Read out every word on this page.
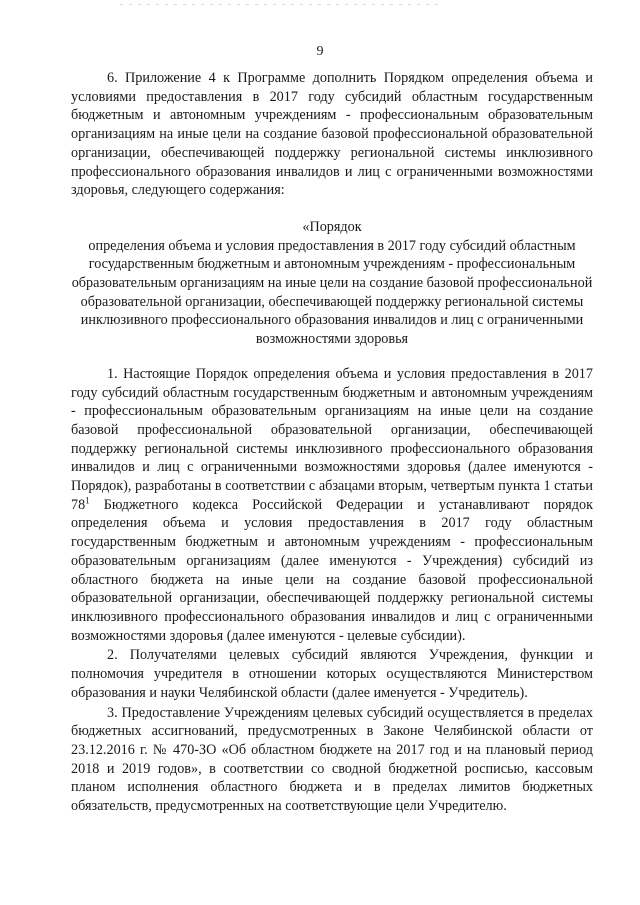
9

6. Приложение 4 к Программе дополнить Порядком определения объема и условиями предоставления в 2017 году субсидий областным государственным бюджетным и автономным учреждениям - профессиональным образовательным организациям на иные цели на создание базовой профессиональной образовательной организации, обеспечивающей поддержку региональной системы инклюзивного профессионального образования инвалидов и лиц с ограниченными возможностями здоровья, следующего содержания:

«Порядок
определения объема и условия предоставления в 2017 году субсидий областным государственным бюджетным и автономным учреждениям - профессиональным образовательным организациям на иные цели на создание базовой профессиональной образовательной организации, обеспечивающей поддержку региональной системы инклюзивного профессионального образования инвалидов и лиц с ограниченными возможностями здоровья

1. Настоящие Порядок определения объема и условия предоставления в 2017 году субсидий областным государственным бюджетным и автономным учреждениям - профессиональным образовательным организациям на иные цели на создание базовой профессиональной образовательной организации, обеспечивающей поддержку региональной системы инклюзивного профессионального образования инвалидов и лиц с ограниченными возможностями здоровья (далее именуются - Порядок), разработаны в соответствии с абзацами вторым, четвертым пункта 1 статьи $78^1$ Бюджетного кодекса Российской Федерации и устанавливают порядок определения объема и условия предоставления в 2017 году областным государственным бюджетным и автономным учреждениям - профессиональным образовательным организациям (далее именуются - Учреждения) субсидий из областного бюджета на иные цели на создание базовой профессиональной образовательной организации, обеспечивающей поддержку региональной системы инклюзивного профессионального образования инвалидов и лиц с ограниченными возможностями здоровья (далее именуются - целевые субсидии).

2. Получателями целевых субсидий являются Учреждения, функции и полномочия учредителя в отношении которых осуществляются Министерством образования и науки Челябинской области (далее именуется - Учредитель).

3. Предоставление Учреждениям целевых субсидий осуществляется в пределах бюджетных ассигнований, предусмотренных в Законе Челябинской области от 23.12.2016 г. № 470-ЗО «Об областном бюджете на 2017 год и на плановый период 2018 и 2019 годов», в соответствии со сводной бюджетной росписью, кассовым планом исполнения областного бюджета и в пределах лимитов бюджетных обязательств, предусмотренных на соответствующие цели Учредителю.
